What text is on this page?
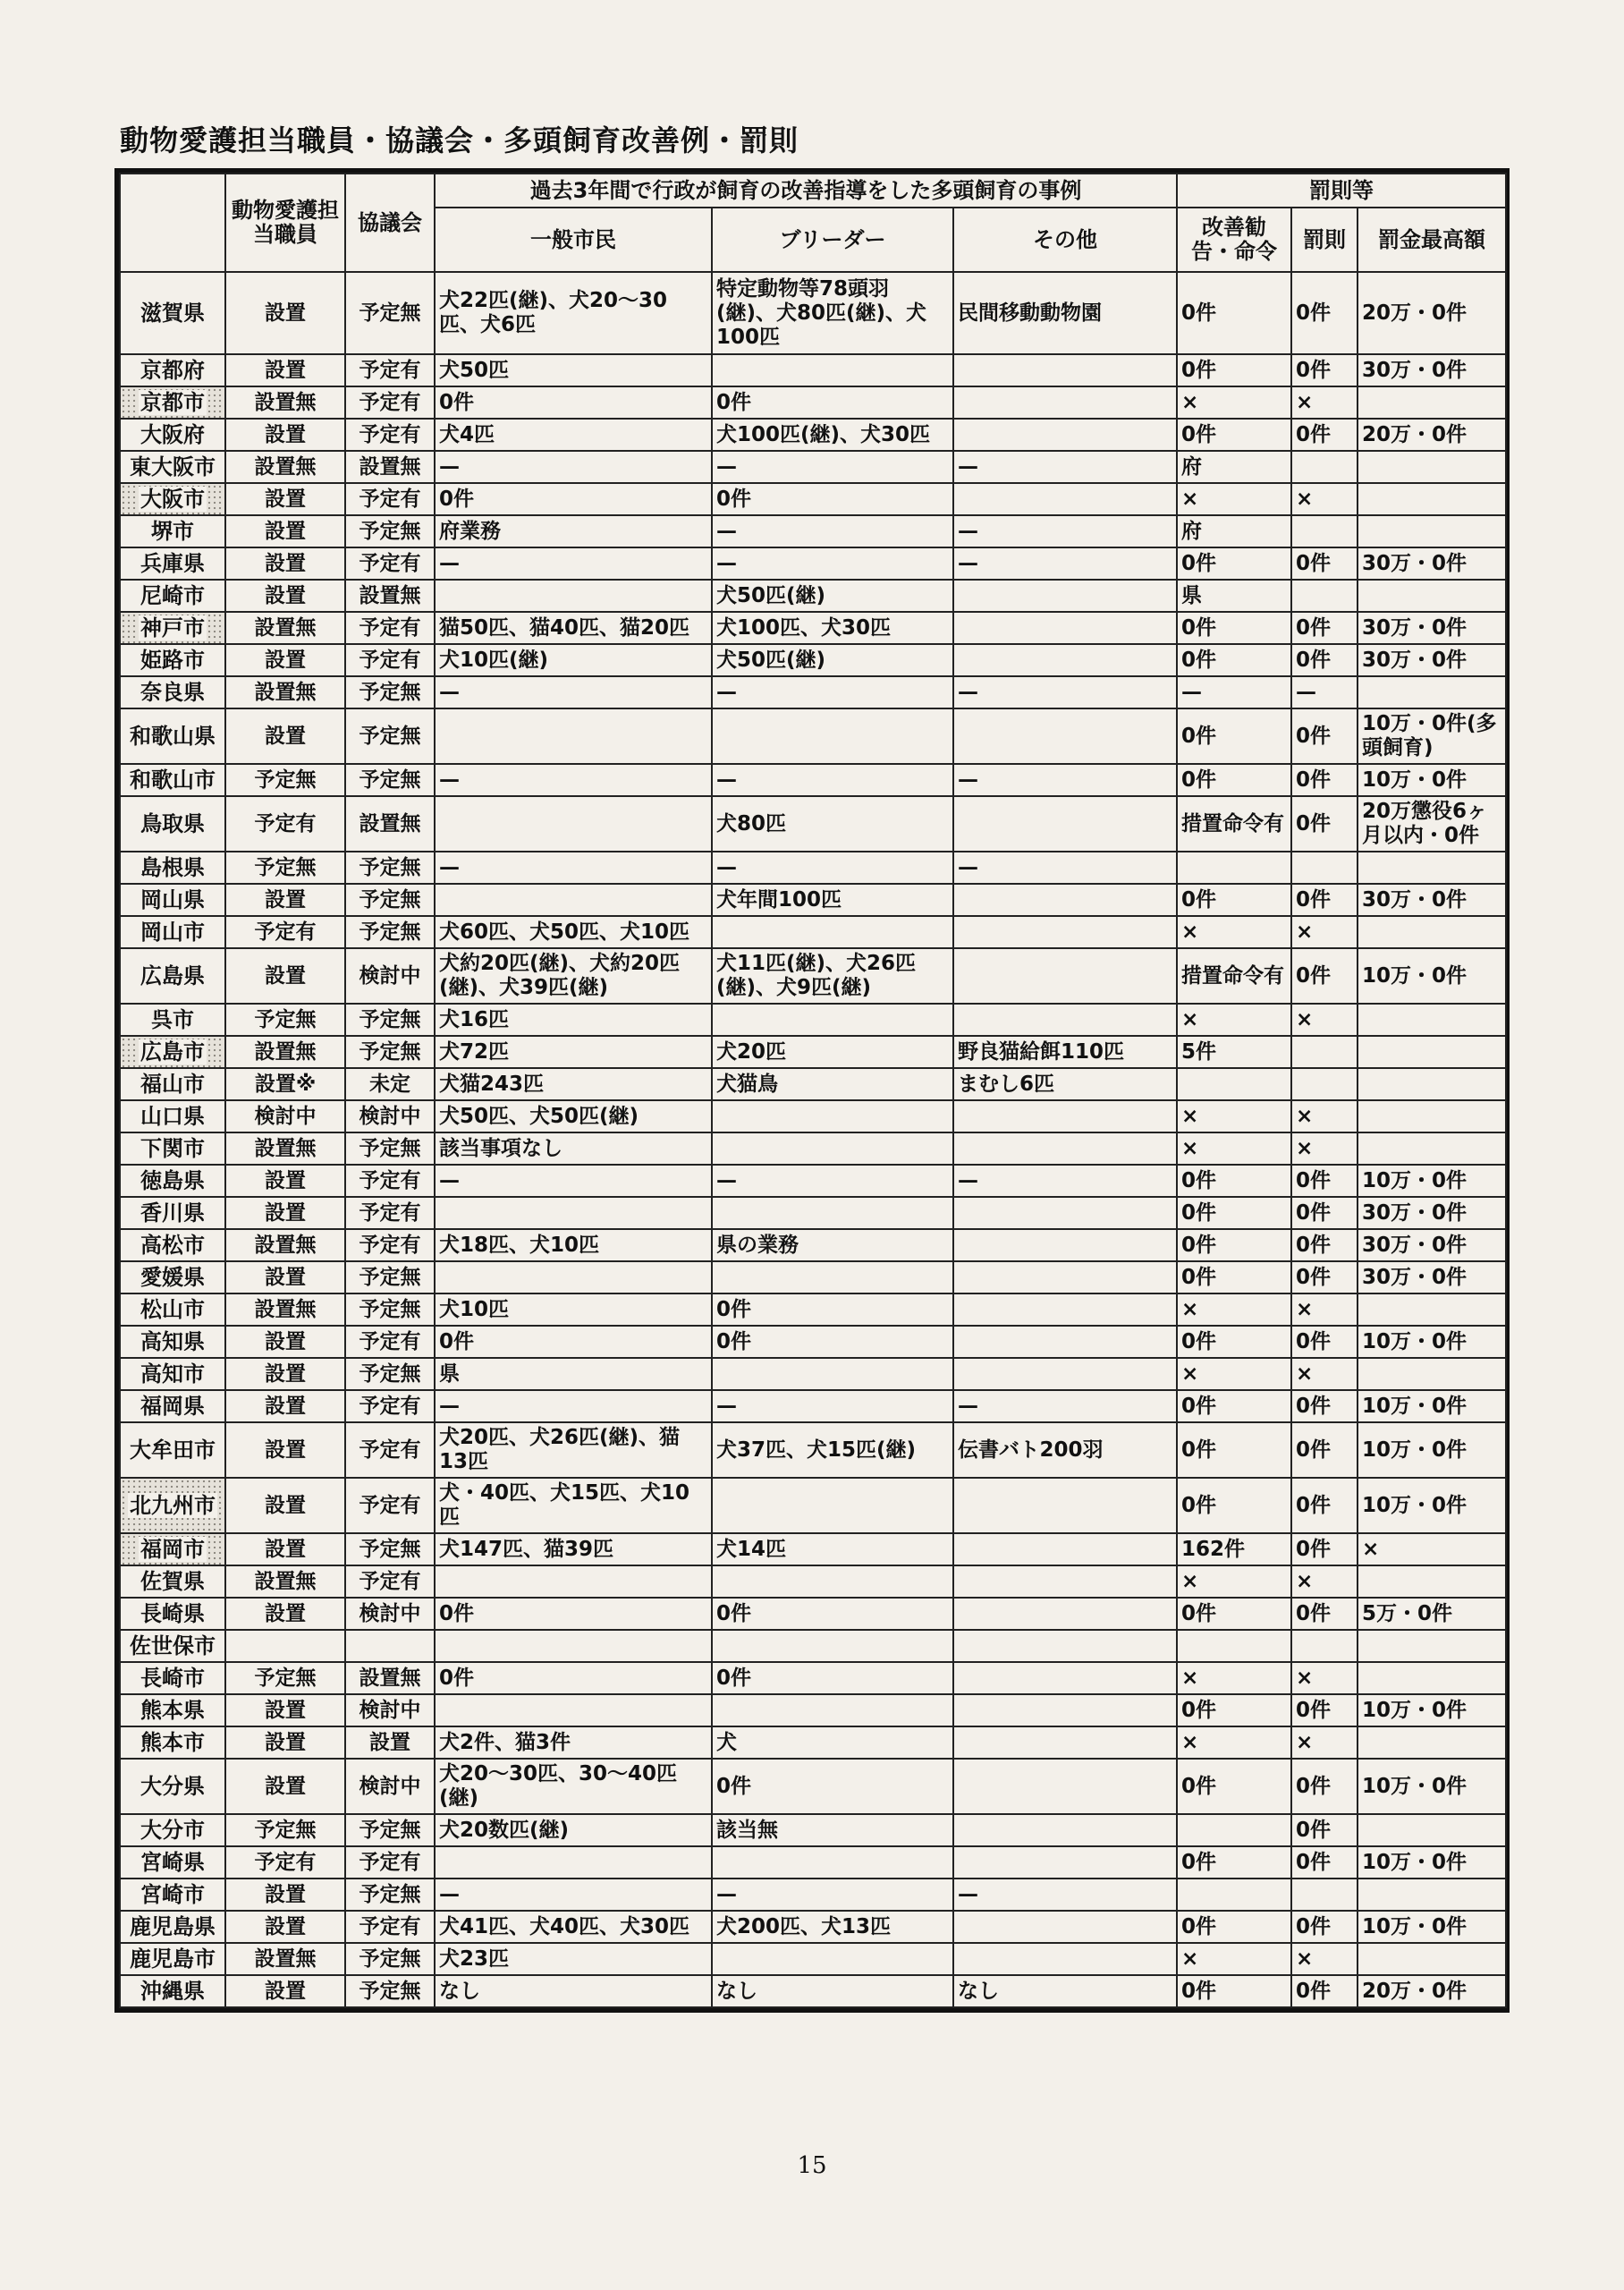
動物愛護担当職員・協議会・多頭飼育改善例・罰則
	動物愛護担当職員	協議会	過去3年間で行政が飼育の改善指導をした多頭飼育の事例			罰則等		
			一般市民	ブリーダー	その他	改善勧告・命令	罰則	罰金最高額
滋賀県	設置	予定無	犬22匹(継)、犬20～30匹、犬6匹	特定動物等78頭羽(継)、犬80匹(継)、犬100匹	民間移動動物園	0件	0件	20万・0件
京都府	設置	予定有	犬50匹			0件	0件	30万・0件
京都市	設置無	予定有	0件	0件		×	×	
大阪府	設置	予定有	犬4匹	犬100匹(継)、犬30匹		0件	0件	20万・0件
東大阪市	設置無	設置無	—	—	—	府		
大阪市	設置	予定有	0件	0件		×	×	
堺市	設置	予定無	府業務	—	—	府		
兵庫県	設置	予定有	—	—	—	0件	0件	30万・0件
尼崎市	設置	設置無		犬50匹(継)		県		
神戸市	設置無	予定有	猫50匹、猫40匹、猫20匹	犬100匹、犬30匹		0件	0件	30万・0件
姫路市	設置	予定有	犬10匹(継)	犬50匹(継)		0件	0件	30万・0件
奈良県	設置無	予定無	—	—	—	—	—	
和歌山県	設置	予定無				0件	0件	10万・0件(多頭飼育)
和歌山市	予定無	予定無	—	—	—	0件	0件	10万・0件
鳥取県	予定有	設置無		犬80匹		措置命令有	0件	20万懲役6ヶ月以内・0件
島根県	予定無	予定無	—	—	—			
岡山県	設置	予定無		犬年間100匹		0件	0件	30万・0件
岡山市	予定有	予定無	犬60匹、犬50匹、犬10匹			×	×	
広島県	設置	検討中	犬約20匹(継)、犬約20匹(継)、犬39匹(継)	犬11匹(継)、犬26匹(継)、犬9匹(継)		措置命令有	0件	10万・0件
呉市	予定無	予定無	犬16匹			×	×	
広島市	設置無	予定無	犬72匹	犬20匹	野良猫給餌110匹	5件		
福山市	設置※	未定	犬猫243匹	犬猫鳥	まむし6匹			
山口県	検討中	検討中	犬50匹、犬50匹(継)			×	×	
下関市	設置無	予定無	該当事項なし			×	×	
徳島県	設置	予定有	—	—	—	0件	0件	10万・0件
香川県	設置	予定有				0件	0件	30万・0件
高松市	設置無	予定有	犬18匹、犬10匹	県の業務		0件	0件	30万・0件
愛媛県	設置	予定無				0件	0件	30万・0件
松山市	設置無	予定無	犬10匹	0件		×	×	
高知県	設置	予定有	0件	0件		0件	0件	10万・0件
高知市	設置	予定無	県			×	×	
福岡県	設置	予定有	—	—	—	0件	0件	10万・0件
大牟田市	設置	予定有	犬20匹、犬26匹(継)、猫13匹	犬37匹、犬15匹(継)	伝書バト200羽	0件	0件	10万・0件
北九州市	設置	予定有	犬・40匹、犬15匹、犬10匹			0件	0件	10万・0件
福岡市	設置	予定無	犬147匹、猫39匹	犬14匹		162件	0件	×
佐賀県	設置無	予定有				×	×	
長崎県	設置	検討中	0件	0件		0件	0件	5万・0件
佐世保市								
長崎市	予定無	設置無	0件	0件		×	×	
熊本県	設置	検討中				0件	0件	10万・0件
熊本市	設置	設置	犬2件、猫3件	犬		×	×	
大分県	設置	検討中	犬20～30匹、30～40匹(継)	0件		0件	0件	10万・0件
大分市	予定無	予定無	犬20数匹(継)	該当無			0件	
宮崎県	予定有	予定有				0件	0件	10万・0件
宮崎市	設置	予定無	—	—	—			
鹿児島県	設置	予定有	犬41匹、犬40匹、犬30匹	犬200匹、犬13匹		0件	0件	10万・0件
鹿児島市	設置無	予定無	犬23匹			×	×	
沖縄県	設置	予定無	なし	なし	なし	0件	0件	20万・0件
15
